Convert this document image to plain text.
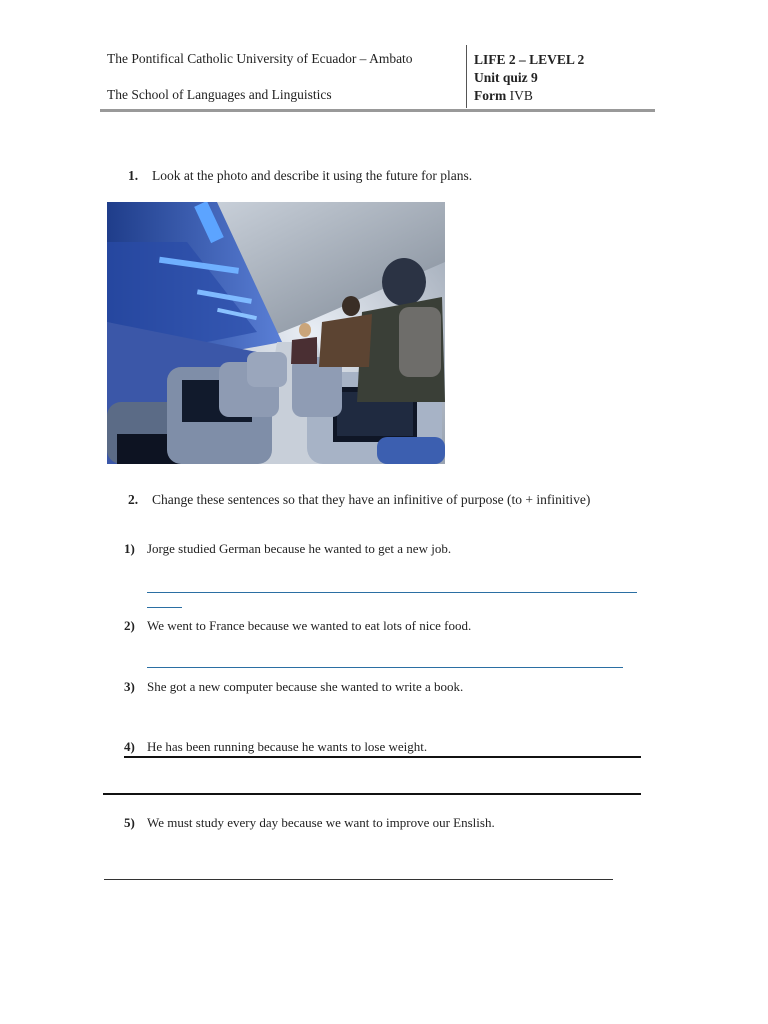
The Pontifical Catholic University of Ecuador – Ambato
The School of Languages and Linguistics
LIFE 2 – LEVEL 2
Unit quiz 9
Form IVB
1. Look at the photo and describe it using the future for plans.
2. Change these sentences so that they have an infinitive of purpose (to + infinitive)
1) Jorge studied German because he wanted to get a new job.
2) We went to France because we wanted to eat lots of nice food.
3) She got a new computer because she wanted to write a book.
4) He has been running because he wants to lose weight.
5) We must study every day because we want to improve our Enslish.
